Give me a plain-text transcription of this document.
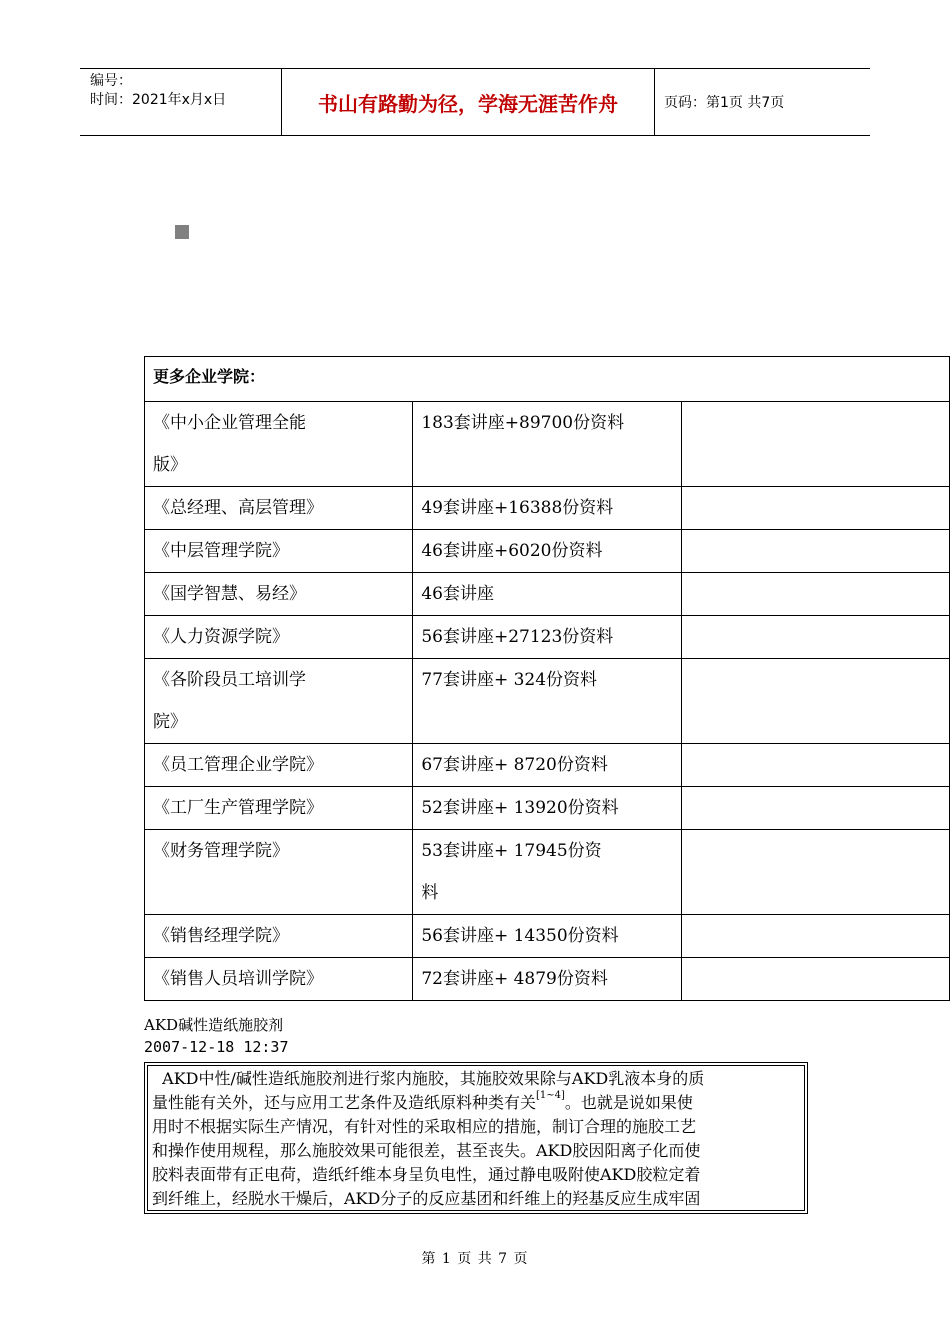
编号：
时间：2021年x月x日	书山有路勤为径，学海无涯苦作舟	页码：第1页 共7页
更多企业学院：		

《中小企业管理全能
版》	183套讲座+89700份资料	
《总经理、高层管理》	49套讲座+16388份资料	
《中层管理学院》	46套讲座+6020份资料	
《国学智慧、易经》	46套讲座	
《人力资源学院》	56套讲座+27123份资料	

《各阶段员工培训学
院》	77套讲座+ 324份资料	
《员工管理企业学院》	67套讲座+ 8720份资料	
《工厂生产管理学院》	52套讲座+ 13920份资料	
《财务管理学院》	53套讲座+ 17945份资
料	

《销售经理学院》	56套讲座+ 14350份资料	
《销售人员培训学院》	72套讲座+ 4879份资料	
AKD碱性造纸施胶剂
2007-12-18 12:37
AKD中性/碱性造纸施胶剂进行浆内施胶，其施胶效果除与AKD乳液本身的质
量性能有关外，还与应用工艺条件及造纸原料种类有关[1~4]。也就是说如果使
用时不根据实际生产情况，有针对性的采取相应的措施，制订合理的施胶工艺
和操作使用规程，那么施胶效果可能很差，甚至丧失。AKD胶因阳离子化而使
胶料表面带有正电荷，造纸纤维本身呈负电性，通过静电吸附使AKD胶粒定着
到纤维上，经脱水干燥后，AKD分子的反应基团和纤维上的羟基反应生成牢固
第 1 页 共 7 页
